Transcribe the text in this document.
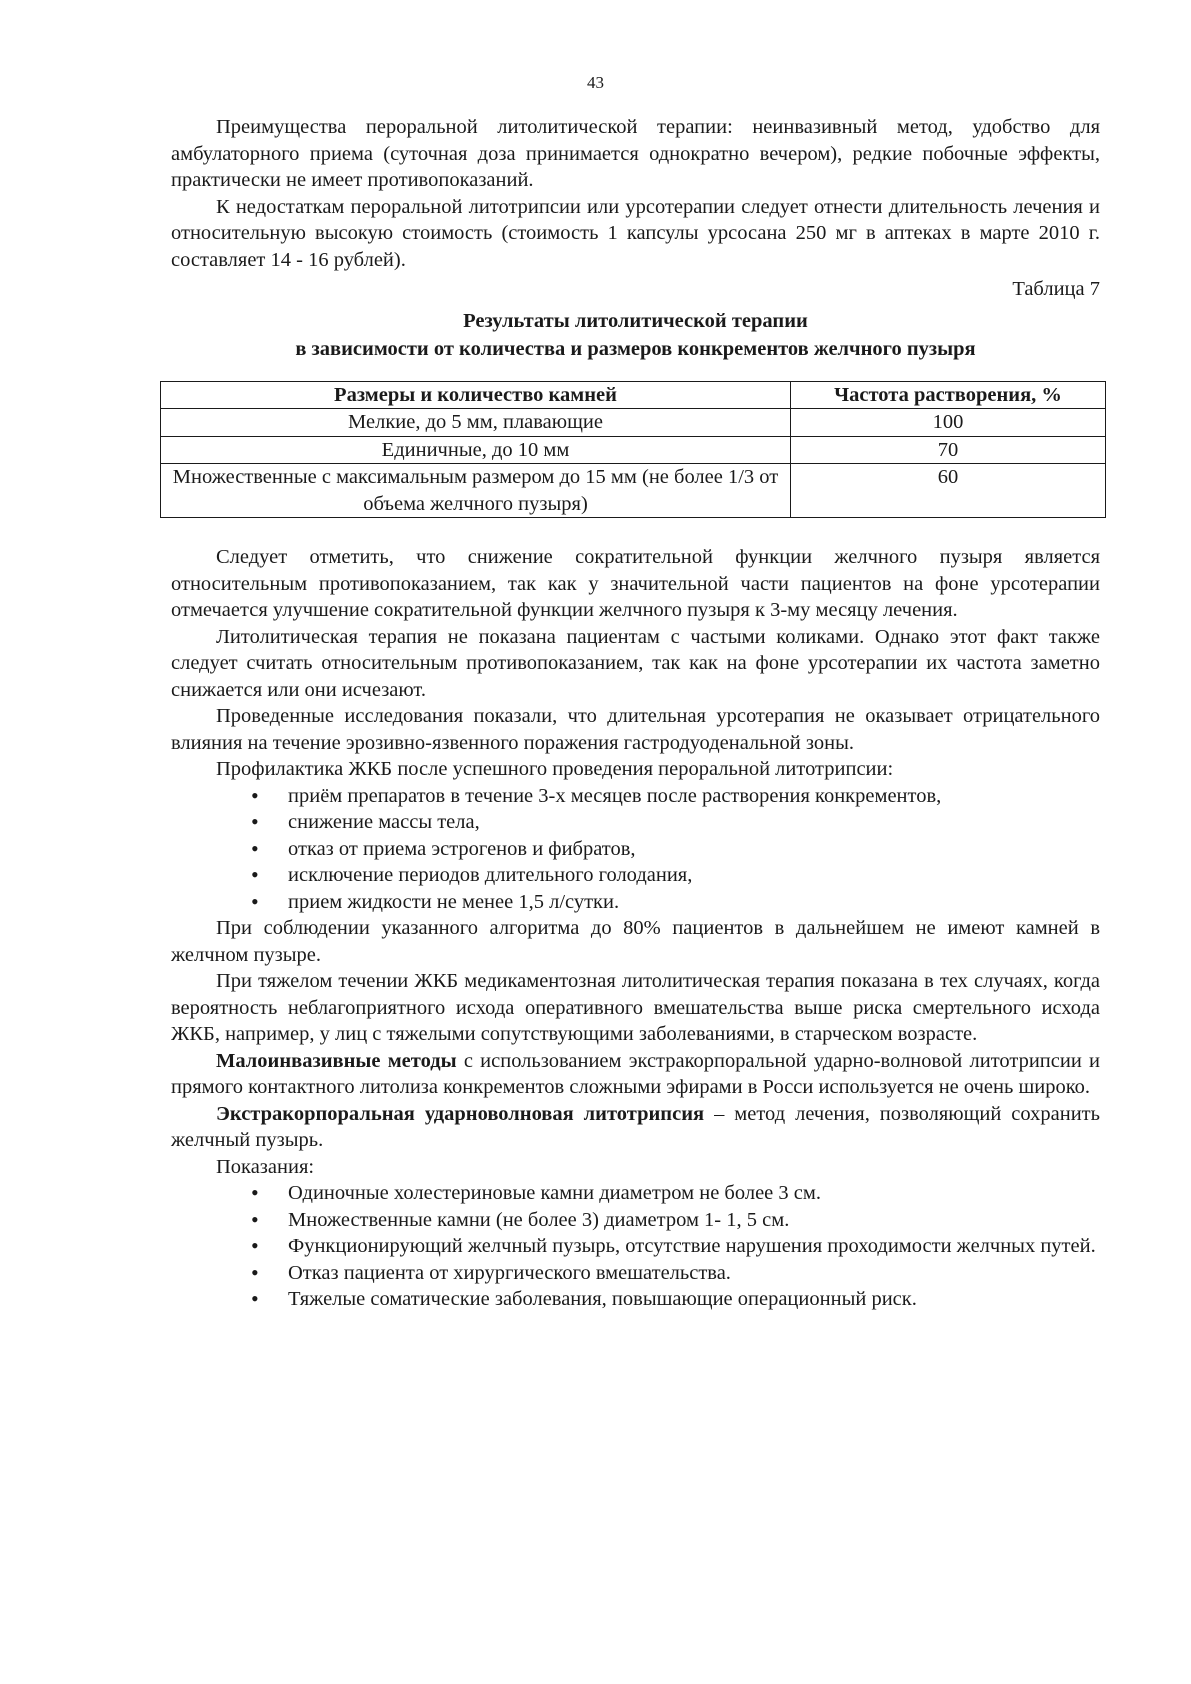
43

Преимущества пероральной литолитической терапии: неинвазивный метод, удобство для амбулаторного приема (суточная доза принимается однократно вечером), редкие побочные эффекты, практически не имеет противопоказаний.

К недостаткам пероральной литотрипсии или урсотерапии следует отнести длительность лечения и относительную высокую стоимость (стоимость 1 капсулы урсосана 250 мг в аптеках в марте 2010 г. составляет 14 - 16 рублей).

Таблица 7
Результаты литолитической терапии
в зависимости от количества и размеров конкрементов желчного пузыря
Размеры и количество камней	Частота растворения, %
Мелкие, до 5 мм, плавающие	100
Единичные, до 10 мм	70
Множественные с максимальным размером до 15 мм (не более 1/3 от объема желчного пузыря)	60

Следует отметить, что снижение сократительной функции желчного пузыря является относительным противопоказанием, так как у значительной части пациентов на фоне урсотерапии отмечается улучшение сократительной функции желчного пузыря к 3-му месяцу лечения.

Литолитическая терапия не показана пациентам с частыми коликами. Однако этот факт также следует считать относительным противопоказанием, так как на фоне урсотерапии их частота заметно снижается или они исчезают.

Проведенные исследования показали, что длительная урсотерапия не оказывает отрицательного влияния на течение эрозивно-язвенного поражения гастродуоденальной зоны.

Профилактика ЖКБ после успешного проведения пероральной литотрипсии:

• приём препаратов в течение 3-х месяцев после растворения конкрементов,
• снижение массы тела,
• отказ от приема эстрогенов и фибратов,
• исключение периодов длительного голодания,
• прием жидкости не менее 1,5 л/сутки.

При соблюдении указанного алгоритма до 80% пациентов в дальнейшем не имеют камней в желчном пузыре.

При тяжелом течении ЖКБ медикаментозная литолитическая терапия показана в тех случаях, когда вероятность неблагоприятного исхода оперативного вмешательства выше риска смертельного исхода ЖКБ, например, у лиц с тяжелыми сопутствующими заболеваниями, в старческом возрасте.

Малоинвазивные методы с использованием экстракорпоральной ударно-волновой литотрипсии и прямого контактного литолиза конкрементов сложными эфирами в Росси используется не очень широко.

Экстракорпоральная ударноволновая литотрипсия – метод лечения, позволяющий сохранить желчный пузырь.

Показания:

• Одиночные холестериновые камни диаметром не более 3 см.
• Множественные камни (не более 3) диаметром 1- 1, 5 см.
• Функционирующий желчный пузырь, отсутствие нарушения проходимости желчных путей.
• Отказ пациента от хирургического вмешательства.
• Тяжелые соматические заболевания, повышающие операционный риск.
